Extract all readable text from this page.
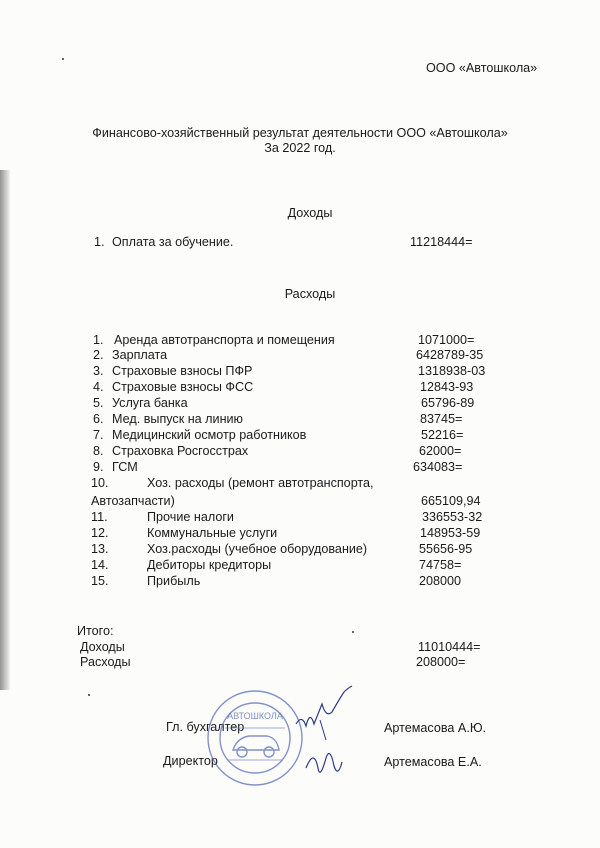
ООО «Автошкола»
Финансово-хозяйственный результат деятельности ООО «Автошкола»
За 2022 год.
Доходы
1. Оплата за обучение.	11218444=
Расходы
1. Аренда автотранспорта и помещения	1071000=
2. Зарплата	6428789-35
3. Страховые взносы ПФР	1318938-03
4. Страховые взносы ФСС	12843-93
5. Услуга банка	65796-89
6. Мед. выпуск на линию	83745=
7. Медицинский осмотр работников	52216=
8. Страховка Росгосстрах	62000=
9. ГСМ	634083=
10.	Хоз. расходы (ремонт автотранспорта,
Автозапчасти)	665109,94
11.	Прочие налоги	336553-32
12.	Коммунальные услуги	148953-59
13.	Хоз.расходы (учебное оборудование)	55656-95
14.	Дебиторы кредиторы	74758=
15.	Прибыль	208000
Итого:
Доходы	11010444=
Расходы	208000=
Гл. бухгалтер	Артемасова А.Ю.
Директор	Артемасова Е.А.
АВТОШКОЛА
